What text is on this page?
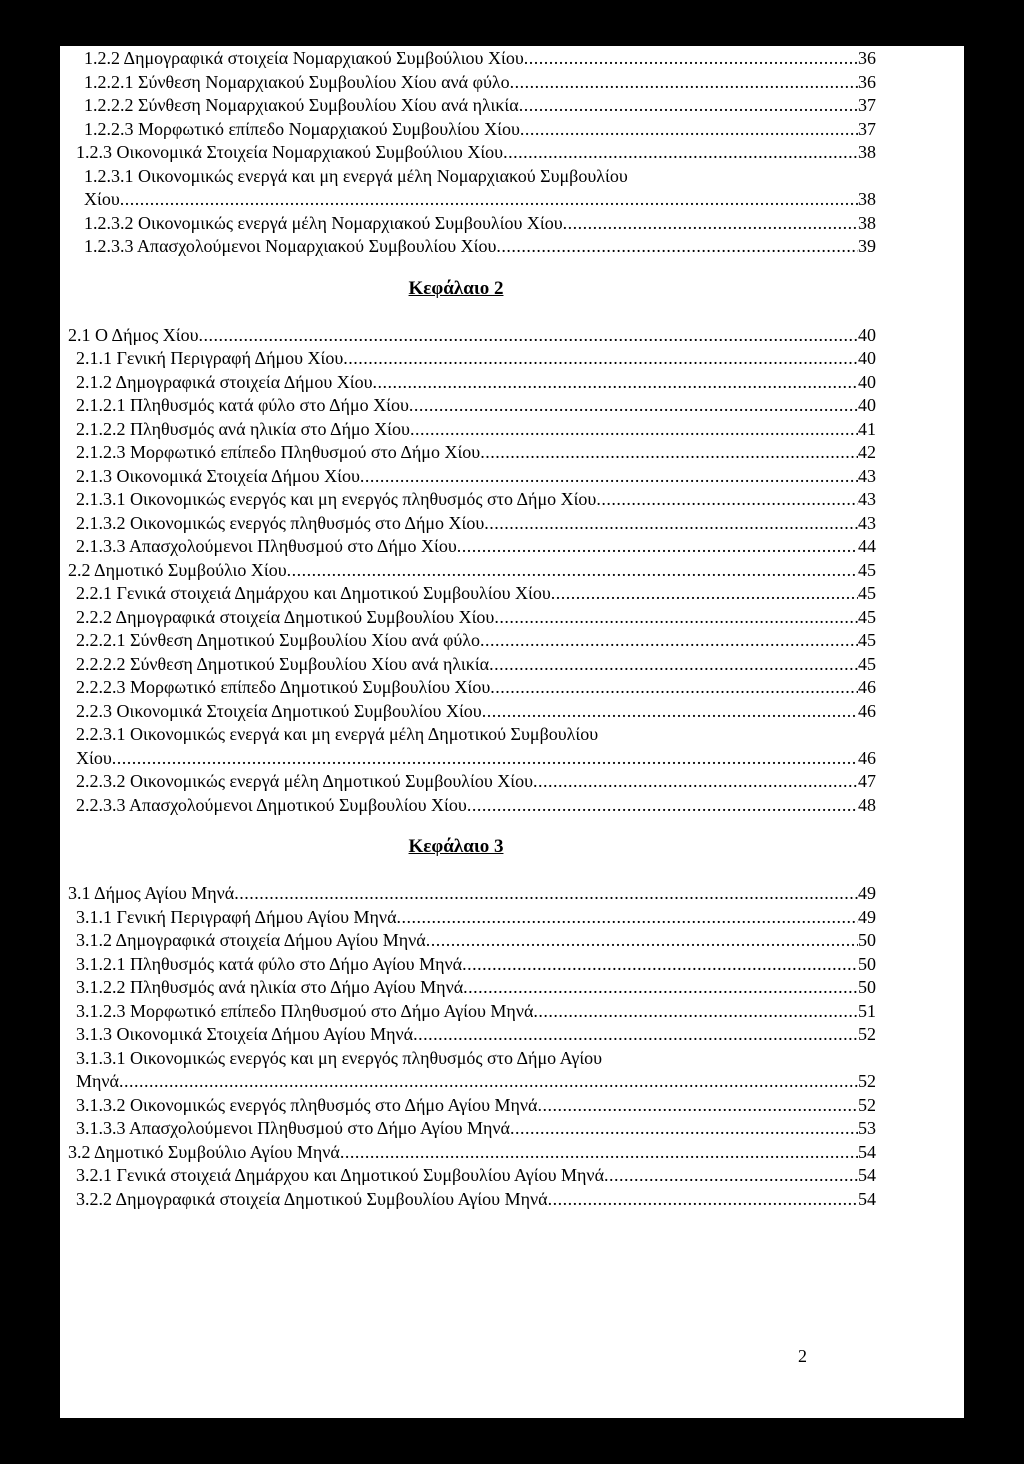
1.2.2 Δημογραφικά στοιχεία Νομαρχιακού Συμβούλιου Χίου .....	36
1.2.2.1 Σύνθεση Νομαρχιακού Συμβουλίου Χίου ανά φύλο .....	36
1.2.2.2 Σύνθεση Νομαρχιακού Συμβουλίου Χίου ανά ηλικία .....	37
1.2.2.3 Μορφωτικό επίπεδο Νομαρχιακού Συμβουλίου Χίου .....	37
1.2.3 Οικονομικά Στοιχεία Νομαρχιακού Συμβούλιου Χίου .....	38
1.2.3.1 Οικονομικώς ενεργά και μη ενεργά μέλη Νομαρχιακού Συμβουλίου
Χίου .....	38
1.2.3.2 Οικονομικώς ενεργά μέλη Νομαρχιακού Συμβουλίου Χίου .....	38
1.2.3.3 Απασχολούμενοι Νομαρχιακού Συμβουλίου Χίου .....	39
Κεφάλαιο 2
2.1 Ο Δήμος Χίου .....	40
2.1.1 Γενική Περιγραφή Δήμου Χίου .....	40
2.1.2 Δημογραφικά στοιχεία Δήμου Χίου .....	40
2.1.2.1 Πληθυσμός κατά φύλο στο Δήμο Χίου .....	40
2.1.2.2 Πληθυσμός ανά ηλικία στο Δήμο Χίου .....	41
2.1.2.3 Μορφωτικό επίπεδο Πληθυσμού στο Δήμο Χίου .....	42
2.1.3 Οικονομικά Στοιχεία Δήμου Χίου .....	43
2.1.3.1 Οικονομικώς ενεργός και μη ενεργός πληθυσμός στο Δήμο Χίου .....	43
2.1.3.2 Οικονομικώς ενεργός πληθυσμός στο Δήμο Χίου .....	43
2.1.3.3 Απασχολούμενοι Πληθυσμού στο Δήμο Χίου .....	44
2.2 Δημοτικό Συμβούλιο Χίου .....	45
2.2.1 Γενικά στοιχειά Δημάρχου και Δημοτικού Συμβουλίου Χίου .....	45
2.2.2 Δημογραφικά στοιχεία Δημοτικού Συμβουλίου Χίου .....	45
2.2.2.1 Σύνθεση Δημοτικού Συμβουλίου Χίου ανά φύλο .....	45
2.2.2.2 Σύνθεση Δημοτικού Συμβουλίου Χίου ανά ηλικία .....	45
2.2.2.3 Μορφωτικό επίπεδο Δημοτικού Συμβουλίου Χίου .....	46
2.2.3 Οικονομικά Στοιχεία Δημοτικού Συμβουλίου Χίου .....	46
2.2.3.1 Οικονομικώς ενεργά και μη ενεργά μέλη Δημοτικού Συμβουλίου
Χίου .....	46
2.2.3.2 Οικονομικώς ενεργά μέλη Δημοτικού Συμβουλίου Χίου .....	47
2.2.3.3 Απασχολούμενοι Δημοτικού Συμβουλίου Χίου .....	48
Κεφάλαιο 3
3.1 Δήμος Αγίου Μηνά .....	49
3.1.1 Γενική Περιγραφή Δήμου Αγίου Μηνά .....	49
3.1.2 Δημογραφικά στοιχεία Δήμου Αγίου Μηνά .....	50
3.1.2.1 Πληθυσμός κατά φύλο στο Δήμο Αγίου Μηνά .....	50
3.1.2.2 Πληθυσμός ανά ηλικία στο Δήμο Αγίου Μηνά .....	50
3.1.2.3 Μορφωτικό επίπεδο Πληθυσμού στο Δήμο Αγίου Μηνά .....	51
3.1.3 Οικονομικά Στοιχεία Δήμου Αγίου Μηνά .....	52
3.1.3.1 Οικονομικώς ενεργός και μη ενεργός πληθυσμός στο Δήμο Αγίου
Μηνά .....	52
3.1.3.2 Οικονομικώς ενεργός πληθυσμός στο Δήμο Αγίου Μηνά .....	52
3.1.3.3 Απασχολούμενοι Πληθυσμού στο Δήμο Αγίου Μηνά .....	53
3.2 Δημοτικό Συμβούλιο Αγίου Μηνά .....	54
3.2.1 Γενικά στοιχειά Δημάρχου και Δημοτικού Συμβουλίου Αγίου Μηνά .....	54
3.2.2 Δημογραφικά στοιχεία Δημοτικού Συμβουλίου Αγίου Μηνά .....	54
2
